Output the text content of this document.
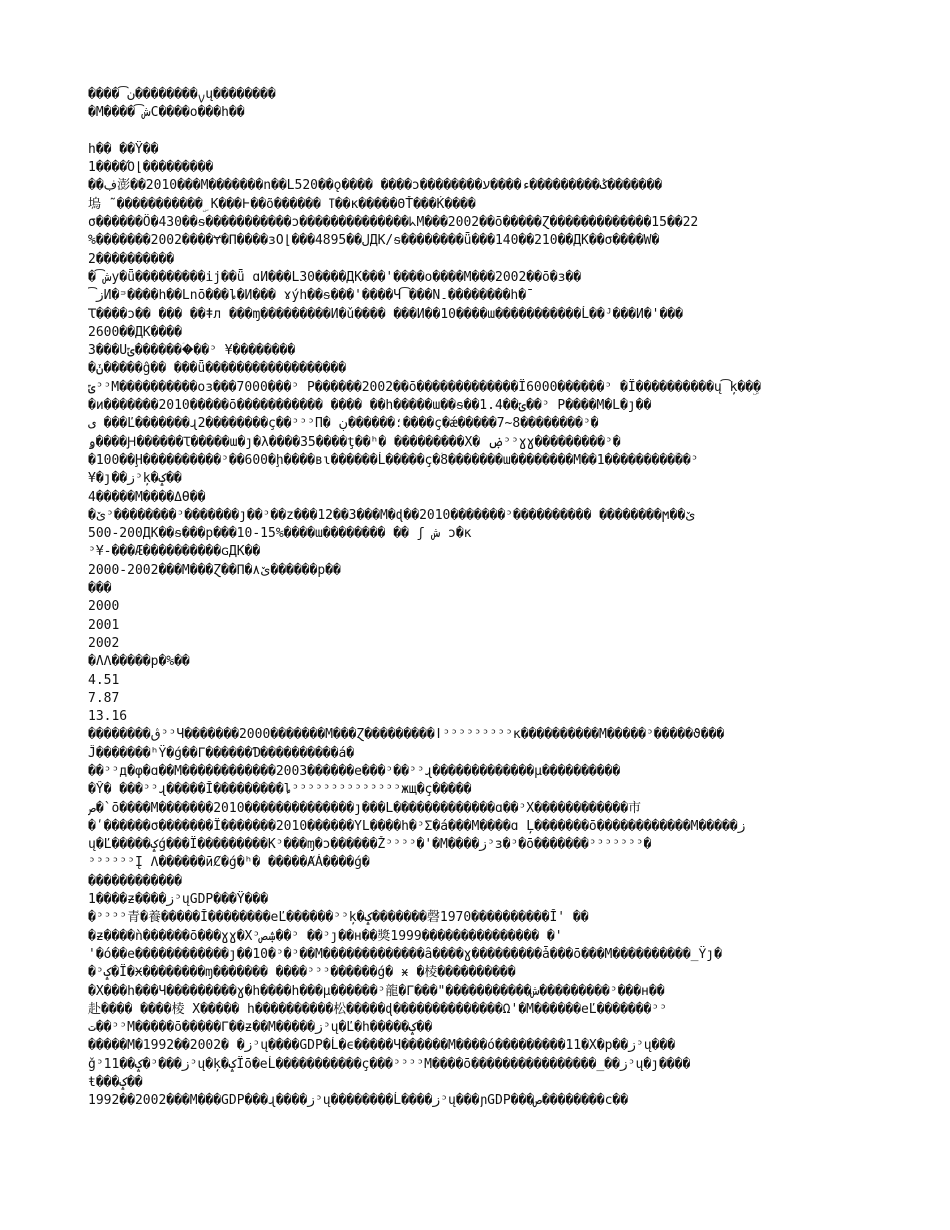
����ࡍ��������ن͡ų��������
�M����ش͡C����o���h��
h�� ��Ÿ��
1����Ό⌊���������
��ڣ澎��2010���M�������n��L520��ǫ���� ����ɔ��������ݣ���������ء����ע�������
塢 ̃ �����������ۣ̃ К���Ͱ��õ������ ߠ��ĸ�����ΘŤ���Ќ����
σ������Ö�430��ᵴ�����������ɔ��������������ᖾM���2002��ō�����Ɀ�������������15��22
%�������2002����Ɏ�Π����ɜO⌊���ل��4895ДК/ᵴ��������ǖ���140��210��ДК��σ����W�
2����������
�ش͡y�ǖ���������ij��ǖ ɑИ���L30����ДК���'����o����M���2002��ō�з��
ز͡И�ᵙ����h��Lnō���ȴ�И��� ɤýh��ᵴ���'����Ч͡���N۔��������h�ˉ
Ꚍ����ɔ�� ��� ��ǂл ���ɱ���������И�ǔ���� ���И��10����ɯ�����������Ĺ��ᴶ���И�'���
2600��ДК����
3���Uݶ�������ۤ��ᵓ ¥��������
�ݩ�����ĝ�� ���ǖ������������������
ݶᵓᵓM����������oɜ���7000���ᵓ P������2002��ō�������������Ï6000������ᵓ �Ï����������ų͡ķ��ۣ�
�и�������2010�����ō����������� ���� ��h�����ɯ��ᵴ��1.4��ݶ��ᵓ P����M�L�ȷ��
ی ���Ľ�������ɻ2��������ç��ᵓᵓᵓП� ؛������ڹ����ç�ǽ�����7~8��������ᵓ�
ۅ����Ԩ������Ꚍ�����ɯ�ȷ�λ����35����ţ��ʰ� ���������X� ۻᵓᵓɣɣ���������ᵓ�
�100��Ḩ����������ᵓ��600�ḩ����вɩ������Ĺ�����ç�ۤ8�������ɯ��������M��1���������ۤ��ᵓ
¥�ȷ��زᵓķ�ݤ��
4�����M����ΔƟ��
�ێᵓ��������ᵓ�������ȷ��ᵓ��z���12��3���M�ɖ��2010�������ᵓ���������� ��������ϻ��ێ
500-200ДК��ᵴ���p���10-15%����ɯ�������� �� ʃ ش ɔ�κ
ᵓ¥-���Æ����������ɢДК��
2000-2002���M���Ɀ��Π�۸ێ������p��
���
2000
2001
2002
�ɅΛ�����p�%��
4.51
7.87
13.16
��������ڨᵓᵓЧ�������2000�������M���Ɀ���������ǀᵓᵓᵓᵓᵓᵓᵓᵓᵓκ����������M�����ᵓ�����ϑ���
Ĵ�������ʰΫ�ǵ��Γ������Ɗ����������á�
��ᵓᵓд�φ�ɑ��M������������2003������e���ᵓ��ᵓᵓɻ�������������μ����������
�Ŷ� ���ᵓᵓɻ�����Ĭ���������ȴᵓᵓᵓᵓᵓᵓᵓᵓᵓᵓᵓᵓᵓᵓжщ�ç�����
ص�`ō����M�������2010��������������ȷ���L�������������ɑ��ᵓX������������市
�ʹ������σ�������Ï�������2010������YL����h�ᵓΣ�á���M����ɑ Ļ�������ō������������M�����ز
ų�Ľ�����ݤǵ���Ï���������Кᵓ���ɱ�ɔ������Žᵓᵓᵓᵓ�'�M����زᵓɜ�ᵓ�ō�������ᵓᵓᵓᵓᵓᵓᵓ�
ᵓᵓᵓᵓᵓᵓĮ Λ������ӣȻ�ǵ�ʰ� �����ȺÁ����ǵ�
������������
1����ƶ����زᵓųGDP���Ÿ���
�ᵓᵓᵓᵓ青�養�����Ĭ��������eĽ������ᵓᵓķ�ݤ�������磬1970����������Ĭ' ��
�ƶ����ǹ������ō���ɣɣ�Xᵓۺص��ᵓ ��ᵓȷ��н��獎1999��������������� �'
'�ó��e������������ȷ��10�ᵓ�ᵓ��M�������������ȃ����ɣ���������ǡ���ō���M����������_Ϋȷ�
�ᵓݤ�Ï�Ӿ��������ɱ������� ����ᵓᵓᵓ������ǵ� ӿ �棱����������
�X���h���Ч���������ɣ�h����h���μ������ᵓ龍�Γ���"�����������ش���������ᵓ���н��
赴���� ����棱 X����� h����������松�����ɖ��������������Ω'�M������eĽ�������ᵓᵓ
ت��ᵓᵓM�����ō�����Γ��ƶ��M�����زᵓų�Ľ�h�����ݤ��
�����M�1992��2002� �زᵓų����GDP�Ĺ�ϵ�����Ч������M����ó���������11�X�p��زᵓų���
ǧᵓݤ��11�ᵓ���زᵓų�ķ�ݤÏō�eĹ�����������ç���ᵓᵓᵓᵓM����ō����������������_��زᵓų�ȷ����
ŧ���ݤ��
1992��2002���M���GDP���ɻ����زᵓų��������Ĺ����زᵓų���ɲGDP���ص��������c��
